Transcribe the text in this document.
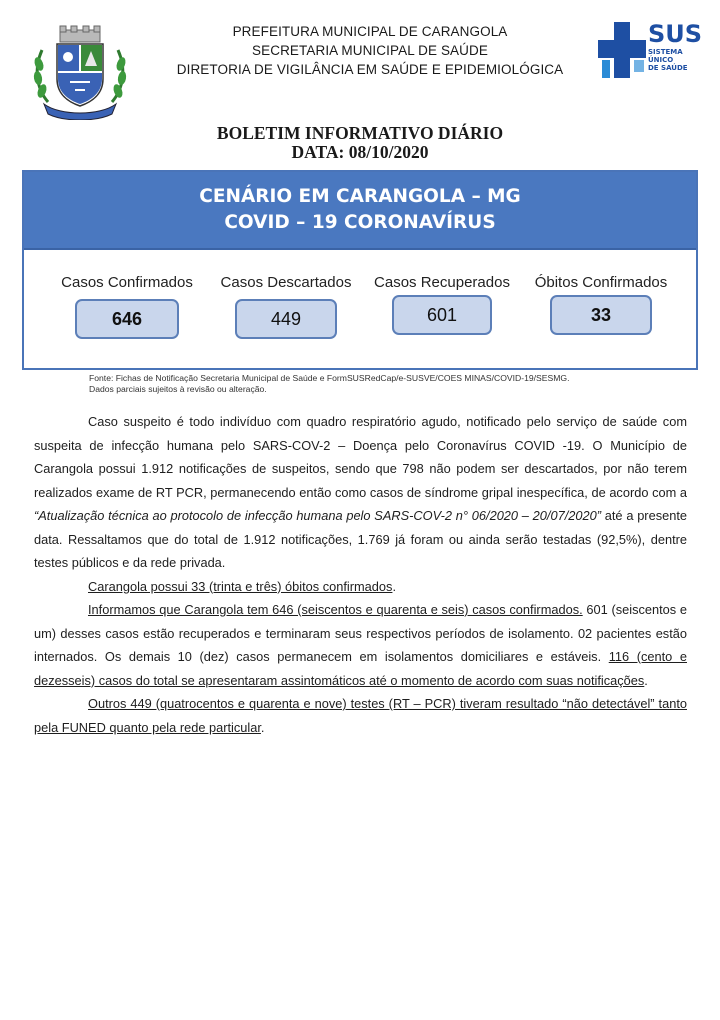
PREFEITURA MUNICIPAL DE CARANGOLA
SECRETARIA MUNICIPAL DE SAÚDE
DIRETORIA DE VIGILÂNCIA EM SAÚDE E EPIDEMIOLÓGICA
SUS
SISTEMA
ÚNICO
DE SAÚDE
BOLETIM INFORMATIVO DIÁRIO
DATA: 08/10/2020
CENÁRIO EM CARANGOLA – MG
COVID – 19 CORONAVÍRUS
Casos Confirmados
646
Casos Descartados
449
Casos Recuperados
601
Óbitos Confirmados
33
Fonte: Fichas de Notificação Secretaria Municipal de Saúde e FormSUSRedCap/e-SUSVE/COES MINAS/COVID-19/SESMG.
Dados parciais sujeitos à revisão ou alteração.

Caso suspeito é todo indivíduo com quadro respiratório agudo, notificado pelo serviço de saúde com suspeita de infecção humana pelo SARS-COV-2 – Doença pelo Coronavírus COVID -19. O Município de Carangola possui 1.912 notificações de suspeitos, sendo que 798 não podem ser descartados, por não terem realizados exame de RT PCR, permanecendo então como casos de síndrome gripal inespecífica, de acordo com a “Atualização técnica ao protocolo de infecção humana pelo SARS-COV-2 n° 06/2020 – 20/07/2020” até a presente data. Ressaltamos que do total de 1.912 notificações, 1.769 já foram ou ainda serão testadas (92,5%), dentre testes públicos e da rede privada.

Carangola possui 33 (trinta e três) óbitos confirmados.

Informamos que Carangola tem 646 (seiscentos e quarenta e seis) casos confirmados. 601 (seiscentos e um) desses casos estão recuperados e terminaram seus respectivos períodos de isolamento. 02 pacientes estão internados. Os demais 10 (dez) casos permanecem em isolamentos domiciliares e estáveis. 116 (cento e dezesseis) casos do total se apresentaram assintomáticos até o momento de acordo com suas notificações.

Outros 449 (quatrocentos e quarenta e nove) testes (RT – PCR) tiveram resultado “não detectável” tanto pela FUNED quanto pela rede particular.
